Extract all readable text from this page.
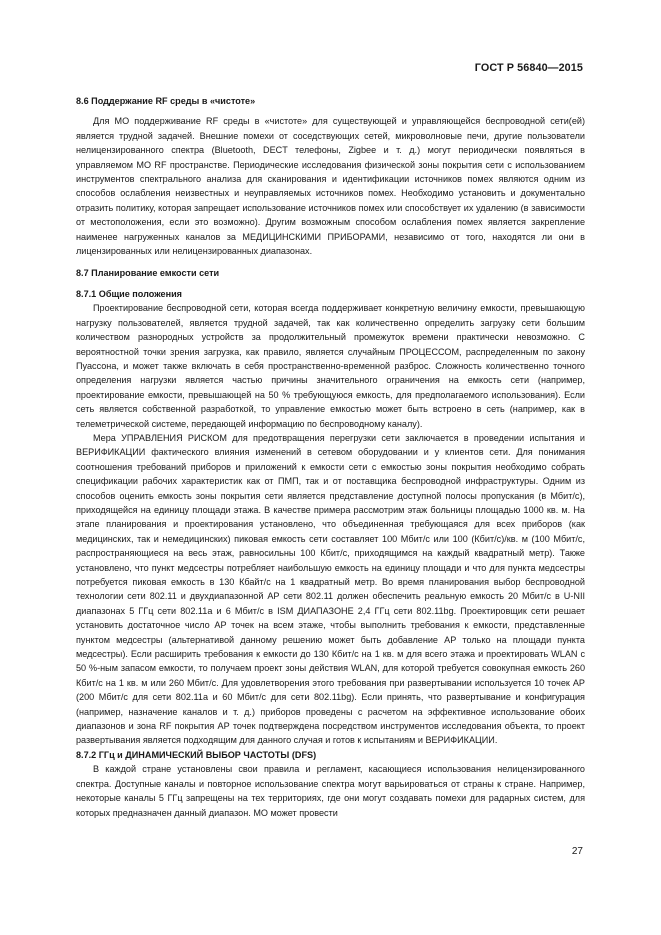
ГОСТ Р 56840—2015
8.6 Поддержание RF среды в «чистоте»

Для МО поддерживание RF среды в «чистоте» для существующей и управляющейся беспроводной сети(ей) является трудной задачей. Внешние помехи от соседствующих сетей, микроволновые печи, другие пользователи нелицензированного спектра (Bluetooth, DECT телефоны, Zigbee и т. д.) могут периодически появляться в управляемом МО RF пространстве. Периодические исследования физической зоны покрытия сети с использованием инструментов спектрального анализа для сканирования и идентификации источников помех являются одним из способов ослабления неизвестных и неуправляемых источников помех. Необходимо установить и документально отразить политику, которая запрещает использование источников помех или способствует их удалению (в зависимости от местоположения, если это возможно). Другим возможным способом ослабления помех является закрепление наименее нагруженных каналов за МЕДИЦИНСКИМИ ПРИБОРАМИ, независимо от того, находятся ли они в лицензированных или нелицензированных диапазонах.

8.7 Планирование емкости сети
8.7.1 Общие положения

Проектирование беспроводной сети, которая всегда поддерживает конкретную величину емкости, превышающую нагрузку пользователей, является трудной задачей, так как количественно определить загрузку сети большим количеством разнородных устройств за продолжительный промежуток времени практически невозможно. С вероятностной точки зрения загрузка, как правило, является случайным ПРОЦЕССОМ, распределенным по закону Пуассона, и может также включать в себя пространственно-временной разброс. Сложность количественно точного определения нагрузки является частью причины значительного ограничения на емкость сети (например, проектирование емкости, превышающей на 50 % требующуюся емкость, для предполагаемого использования). Если сеть является собственной разработкой, то управление емкостью может быть встроено в сеть (например, как в телеметрической системе, передающей информацию по беспроводному каналу).

Мера УПРАВЛЕНИЯ РИСКОМ для предотвращения перегрузки сети заключается в проведении испытания и ВЕРИФИКАЦИИ фактического влияния изменений в сетевом оборудовании и у клиентов сети. Для понимания соотношения требований приборов и приложений к емкости сети с емкостью зоны покрытия необходимо собрать спецификации рабочих характеристик как от ПМП, так и от поставщика беспроводной инфраструктуры. Одним из способов оценить емкость зоны покрытия сети является представление доступной полосы пропускания (в Мбит/с), приходящейся на единицу площади этажа. В качестве примера рассмотрим этаж больницы площадью 1000 кв. м. На этапе планирования и проектирования установлено, что объединенная требующаяся для всех приборов (как медицинских, так и немедицинских) пиковая емкость сети составляет 100 Мбит/с или 100 (Кбит/с)/кв. м (100 Мбит/с, распространяющиеся на весь этаж, равносильны 100 Кбит/с, приходящимся на каждый квадратный метр). Также установлено, что пункт медсестры потребляет наибольшую емкость на единицу площади и что для пункта медсестры потребуется пиковая емкость в 130 Кбайт/с на 1 квадратный метр. Во время планирования выбор беспроводной технологии сети 802.11 и двухдиапазонной АР сети 802.11 должен обеспечить реальную емкость 20 Мбит/с в U-NII диапазонах 5 ГГц сети 802.11а и 6 Мбит/с в ISM ДИАПАЗОНЕ 2,4 ГГц сети 802.11bg. Проектировщик сети решает установить достаточное число АР точек на всем этаже, чтобы выполнить требования к емкости, представленные пунктом медсестры (альтернативой данному решению может быть добавление АР только на площади пункта медсестры). Если расширить требования к емкости до 130 Кбит/с на 1 кв. м для всего этажа и проектировать WLAN с 50 %-ным запасом емкости, то получаем проект зоны действия WLAN, для которой требуется совокупная емкость 260 Кбит/с на 1 кв. м или 260 Мбит/с. Для удовлетворения этого требования при развертывании используется 10 точек АР (200 Мбит/с для сети 802.11а и 60 Мбит/с для сети 802.11bg). Если принять, что развертывание и конфигурация (например, назначение каналов и т. д.) приборов проведены с расчетом на эффективное использование обоих диапазонов и зона RF покрытия АР точек подтверждена посредством инструментов исследования объекта, то проект развертывания является подходящим для данного случая и готов к испытаниям и ВЕРИФИКАЦИИ.

8.7.2 ГГц и ДИНАМИЧЕСКИЙ ВЫБОР ЧАСТОТЫ (DFS)

В каждой стране установлены свои правила и регламент, касающиеся использования нелицензированного спектра. Доступные каналы и повторное использование спектра могут варьироваться от страны к стране. Например, некоторые каналы 5 ГГц запрещены на тех территориях, где они могут создавать помехи для радарных систем, для которых предназначен данный диапазон. МО может провести

27
